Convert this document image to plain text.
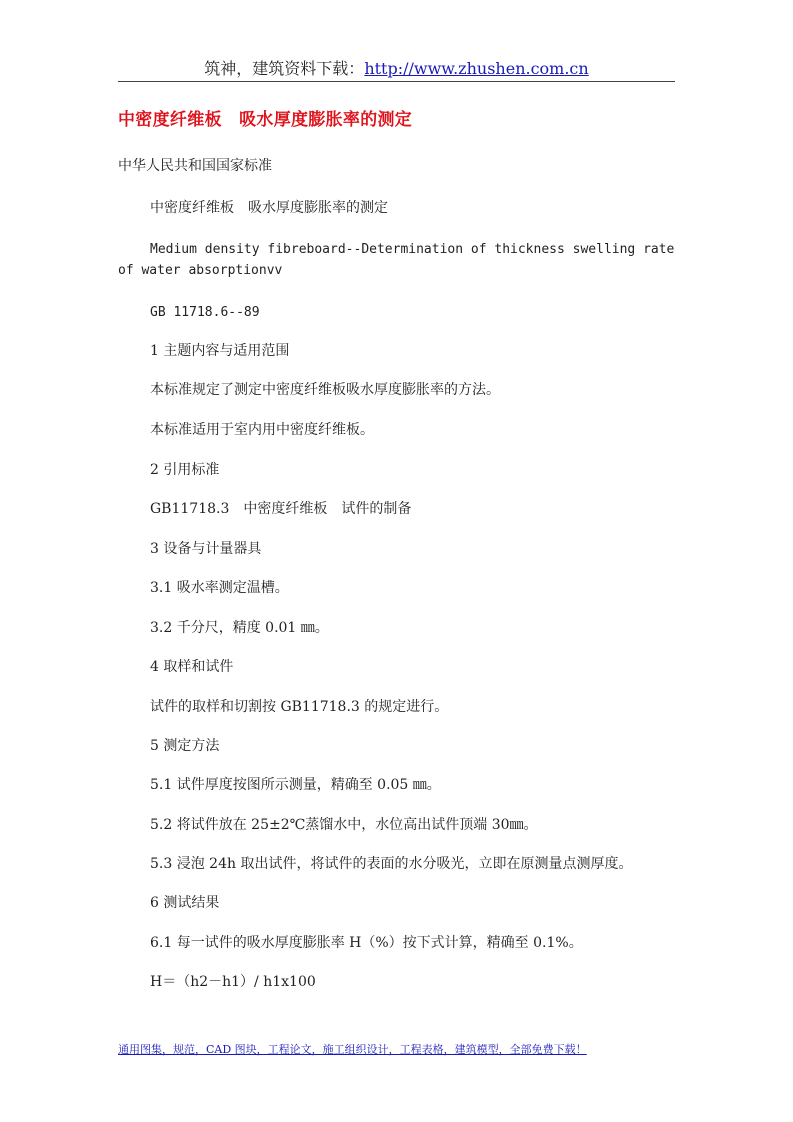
筑神，建筑资料下载：http://www.zhushen.com.cn
中密度纤维板　吸水厚度膨胀率的测定
中华人民共和国国家标准
中密度纤维板　吸水厚度膨胀率的测定
Medium density fibreboard--Determination of thickness swelling rate of water absorptionvv
GB 11718.6--89
1 主题内容与适用范围
本标准规定了测定中密度纤维板吸水厚度膨胀率的方法。
本标准适用于室内用中密度纤维板。
2 引用标准
GB11718.3　中密度纤维板　试件的制备
3 设备与计量器具
3.1 吸水率测定温槽。
3.2 千分尺，精度 0.01 ㎜。
4 取样和试件
试件的取样和切割按 GB11718.3 的规定进行。
5 测定方法
5.1 试件厚度按图所示测量，精确至 0.05 ㎜。
5.2 将试件放在 25±2℃蒸馏水中，水位高出试件顶端 30㎜。
5.3 浸泡 24h 取出试件，将试件的表面的水分吸光，立即在原测量点测厚度。
6 测试结果
6.1 每一试件的吸水厚度膨胀率 H（%）按下式计算，精确至 0.1%。
H＝（h2－h1）/ h1x100
通用图集，规范，CAD 图块，工程论文，施工组织设计，工程表格，建筑模型，全部免费下载！
